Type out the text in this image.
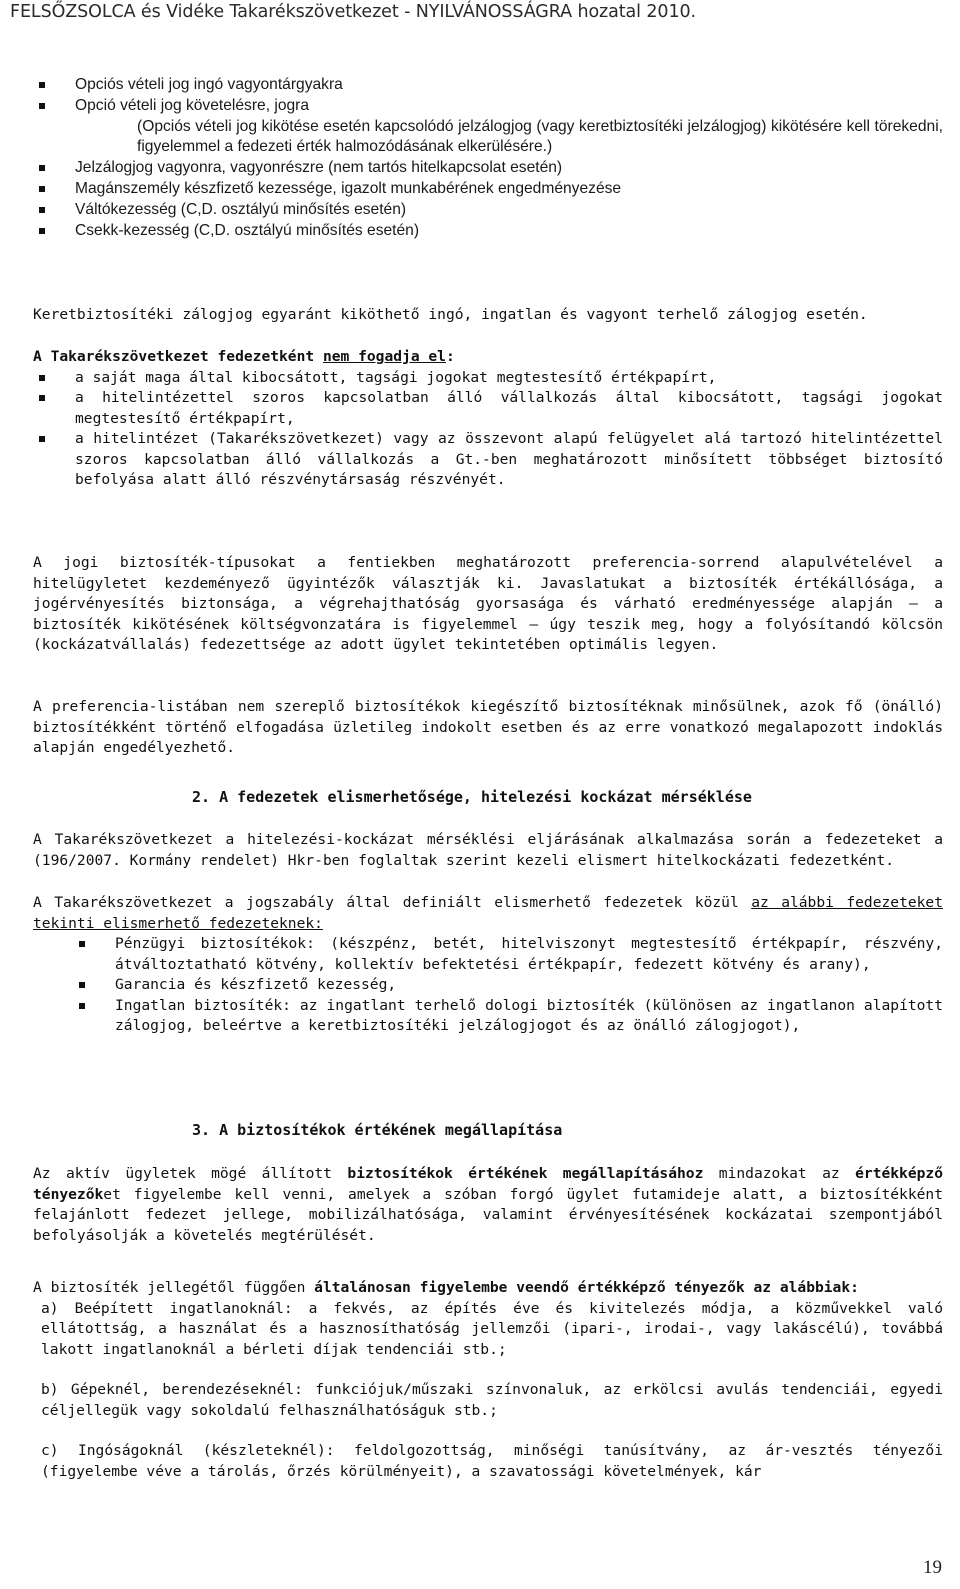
FELSŐZSOLCA és Vidéke Takarékszövetkezet - NYILVÁNOSSÁGRA hozatal 2010.
Opciós vételi jog ingó vagyontárgyakra
Opció vételi jog követelésre, jogra
(Opciós vételi jog kikötése esetén kapcsolódó jelzálogjog (vagy keretbiztosítéki jelzálogjog) kikötésére kell törekedni, figyelemmel a fedezeti érték halmozódásának elkerülésére.)
Jelzálogjog vagyonra, vagyonrészre (nem tartós hitelkapcsolat esetén)
Magánszemély készfizető kezessége, igazolt munkabérének engedményezése
Váltókezesség (C,D. osztályú minősítés esetén)
Csekk-kezesség (C,D. osztályú minősítés esetén)
Keretbiztosítéki zálogjog egyaránt kiköthető ingó, ingatlan és vagyont terhelő zálogjog esetén.
A Takarékszövetkezet fedezetként nem fogadja el:
a saját maga által kibocsátott, tagsági jogokat megtestesítő értékpapírt,
a hitelintézettel szoros kapcsolatban álló vállalkozás által kibocsátott, tagsági jogokat megtestesítő értékpapírt,
a hitelintézet (Takarékszövetkezet) vagy az összevont alapú felügyelet alá tartozó hitelintézettel szoros kapcsolatban álló vállalkozás a Gt.-ben meghatározott minősített többséget biztosító befolyása alatt álló részvénytársaság részvényét.
A jogi biztosíték-típusokat a fentiekben meghatározott preferencia-sorrend alapulvételével a hitelügyletet kezdeményező ügyintézők választják ki. Javaslatukat a biztosíték értékállósága, a jogérvényesítés biztonsága, a végrehajthatóság gyorsasága és várható eredményessége alapján — a biztosíték kikötésének költségvonzatára is figyelemmel — úgy teszik meg, hogy a folyósítandó kölcsön (kockázatvállalás) fedezettsége az adott ügylet tekintetében optimális legyen.
A preferencia-listában nem szereplő biztosítékok kiegészítő biztosítéknak minősülnek, azok fő (önálló) biztosítékként történő elfogadása üzletileg indokolt esetben és az erre vonatkozó megalapozott indoklás alapján engedélyezhető.
2. A fedezetek elismerhetősége, hitelezési kockázat mérséklése
A Takarékszövetkezet a hitelezési-kockázat mérséklési eljárásának alkalmazása során a fedezeteket a (196/2007. Kormány rendelet) Hkr-ben foglaltak szerint kezeli elismert hitelkockázati fedezetként.
A Takarékszövetkezet a jogszabály által definiált elismerhető fedezetek közül az alábbi fedezeteket tekinti elismerhető fedezeteknek:
Pénzügyi biztosítékok: (készpénz, betét, hitelviszonyt megtestesítő értékpapír, részvény, átváltoztatható kötvény, kollektív befektetési értékpapír, fedezett kötvény és arany),
Garancia és készfizető kezesség,
Ingatlan biztosíték: az ingatlant terhelő dologi biztosíték (különösen az ingatlanon alapított zálogjog, beleértve a keretbiztosítéki jelzálogjogot és az önálló zálogjogot),
3. A biztosítékok értékének megállapítása
Az aktív ügyletek mögé állított biztosítékok értékének megállapításához mindazokat az értékképző tényezőket figyelembe kell venni, amelyek a szóban forgó ügylet futamideje alatt, a biztosítékként felajánlott fedezet jellege, mobilizálhatósága, valamint érvényesítésének kockázatai szempontjából befolyásolják a követelés megtérülését.
A biztosíték jellegétől függően általánosan figyelembe veendő értékképző tényezők az alábbiak:
a) Beépített ingatlanoknál: a fekvés, az építés éve és kivitelezés módja, a közművekkel való ellátottság, a használat és a hasznosíthatóság jellemzői (ipari-, irodai-, vagy lakáscélú), továbbá lakott ingatlanoknál a bérleti díjak tendenciái stb.;
b) Gépeknél, berendezéseknél: funkciójuk/műszaki színvonaluk, az erkölcsi avulás tendenciái, egyedi céljellegük vagy sokoldalú felhasználhatóságuk stb.;
c) Ingóságoknál (készleteknél): feldolgozottság, minőségi tanúsítvány, az ár-vesztés tényezői (figyelembe véve a tárolás, őrzés körülményeit), a szavatossági követelmények, kár
19
